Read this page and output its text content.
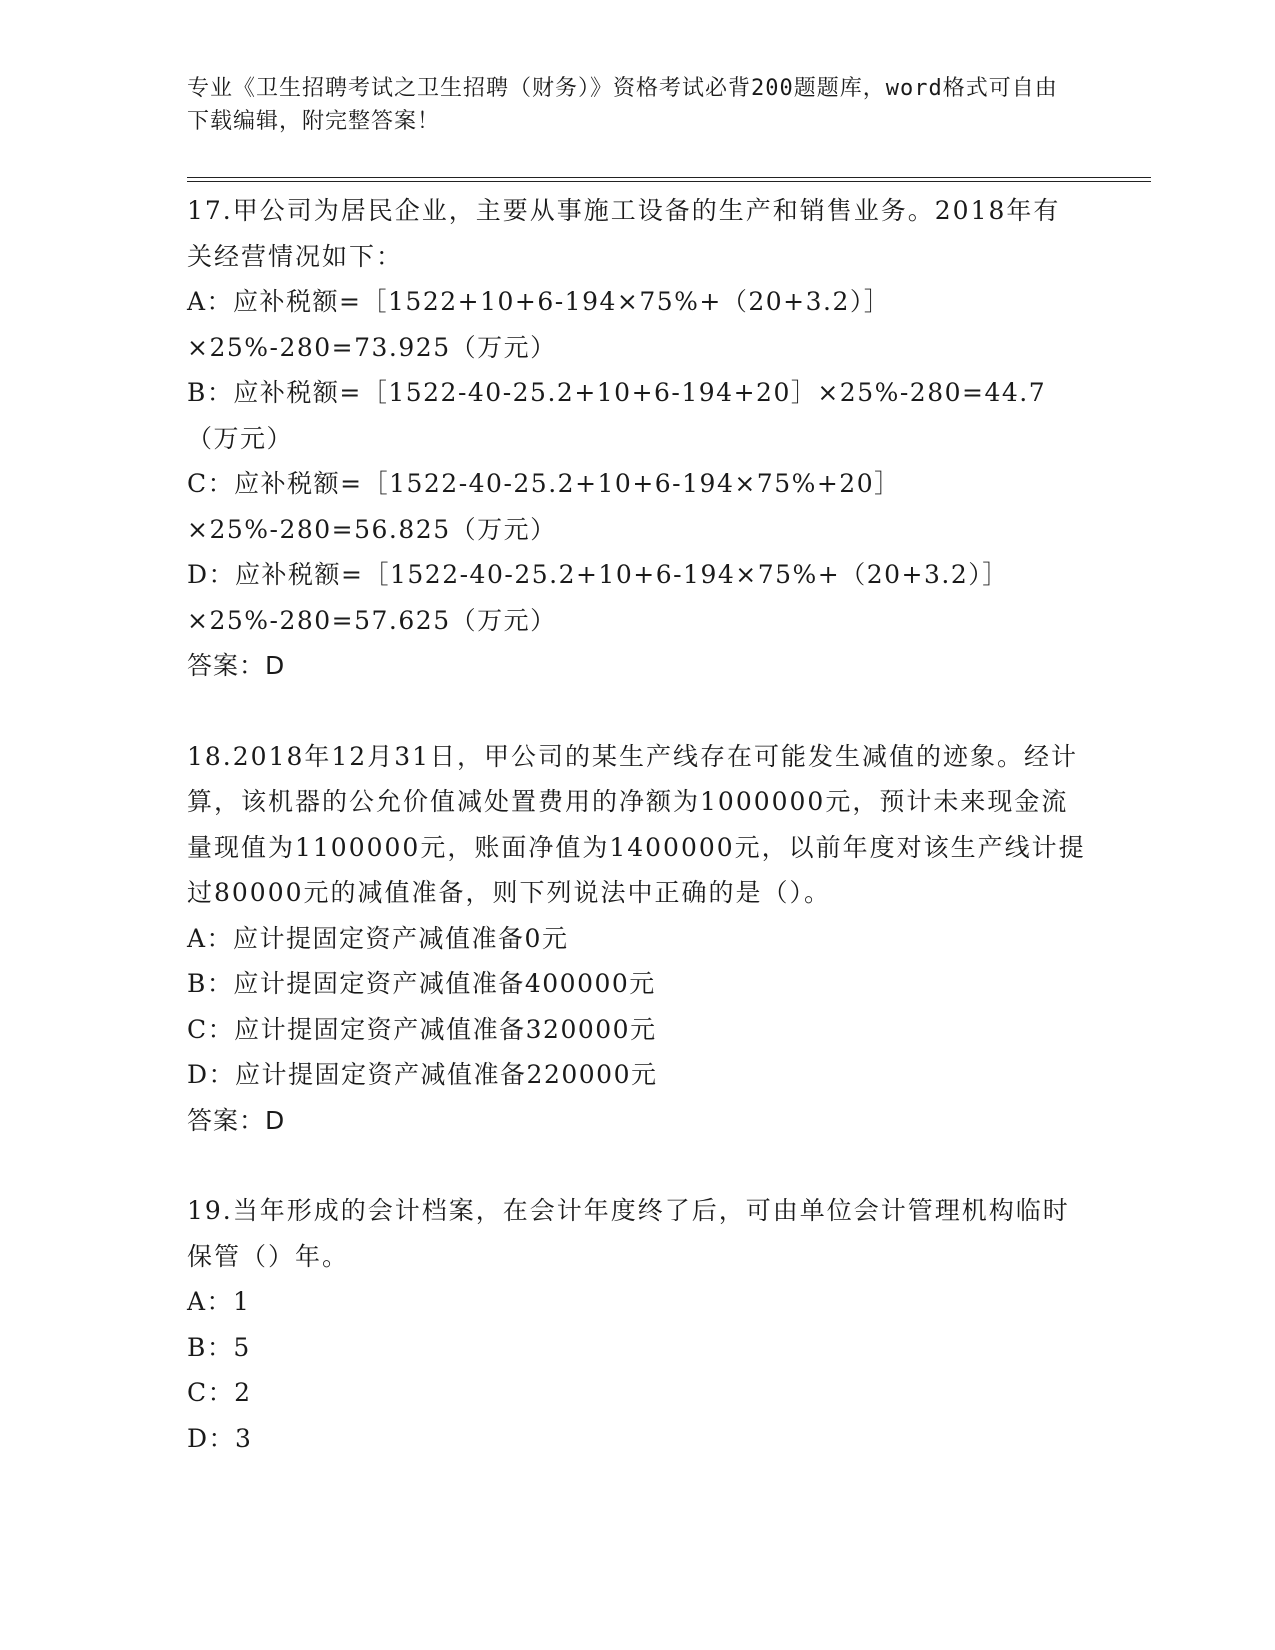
专业《卫生招聘考试之卫生招聘（财务）》资格考试必背200题题库，word格式可自由下载编辑，附完整答案！

17.甲公司为居民企业，主要从事施工设备的生产和销售业务。2018年有关经营情况如下：

A：应补税额=［1522+10+6-194×75%+（20+3.2）］×25%-280=73.925（万元）

B：应补税额=［1522-40-25.2+10+6-194+20］×25%-280=44.7（万元）

C：应补税额=［1522-40-25.2+10+6-194×75%+20］×25%-280=56.825（万元）

D：应补税额=［1522-40-25.2+10+6-194×75%+（20+3.2）］×25%-280=57.625（万元）

答案：D

18.2018年12月31日，甲公司的某生产线存在可能发生减值的迹象。经计算，该机器的公允价值减处置费用的净额为1000000元，预计未来现金流量现值为1100000元，账面净值为1400000元，以前年度对该生产线计提过80000元的减值准备，则下列说法中正确的是（）。

A：应计提固定资产减值准备0元

B：应计提固定资产减值准备400000元

C：应计提固定资产减值准备320000元

D：应计提固定资产减值准备220000元

答案：D

19.当年形成的会计档案，在会计年度终了后，可由单位会计管理机构临时保管（）年。

A：1

B：5

C：2

D：3
